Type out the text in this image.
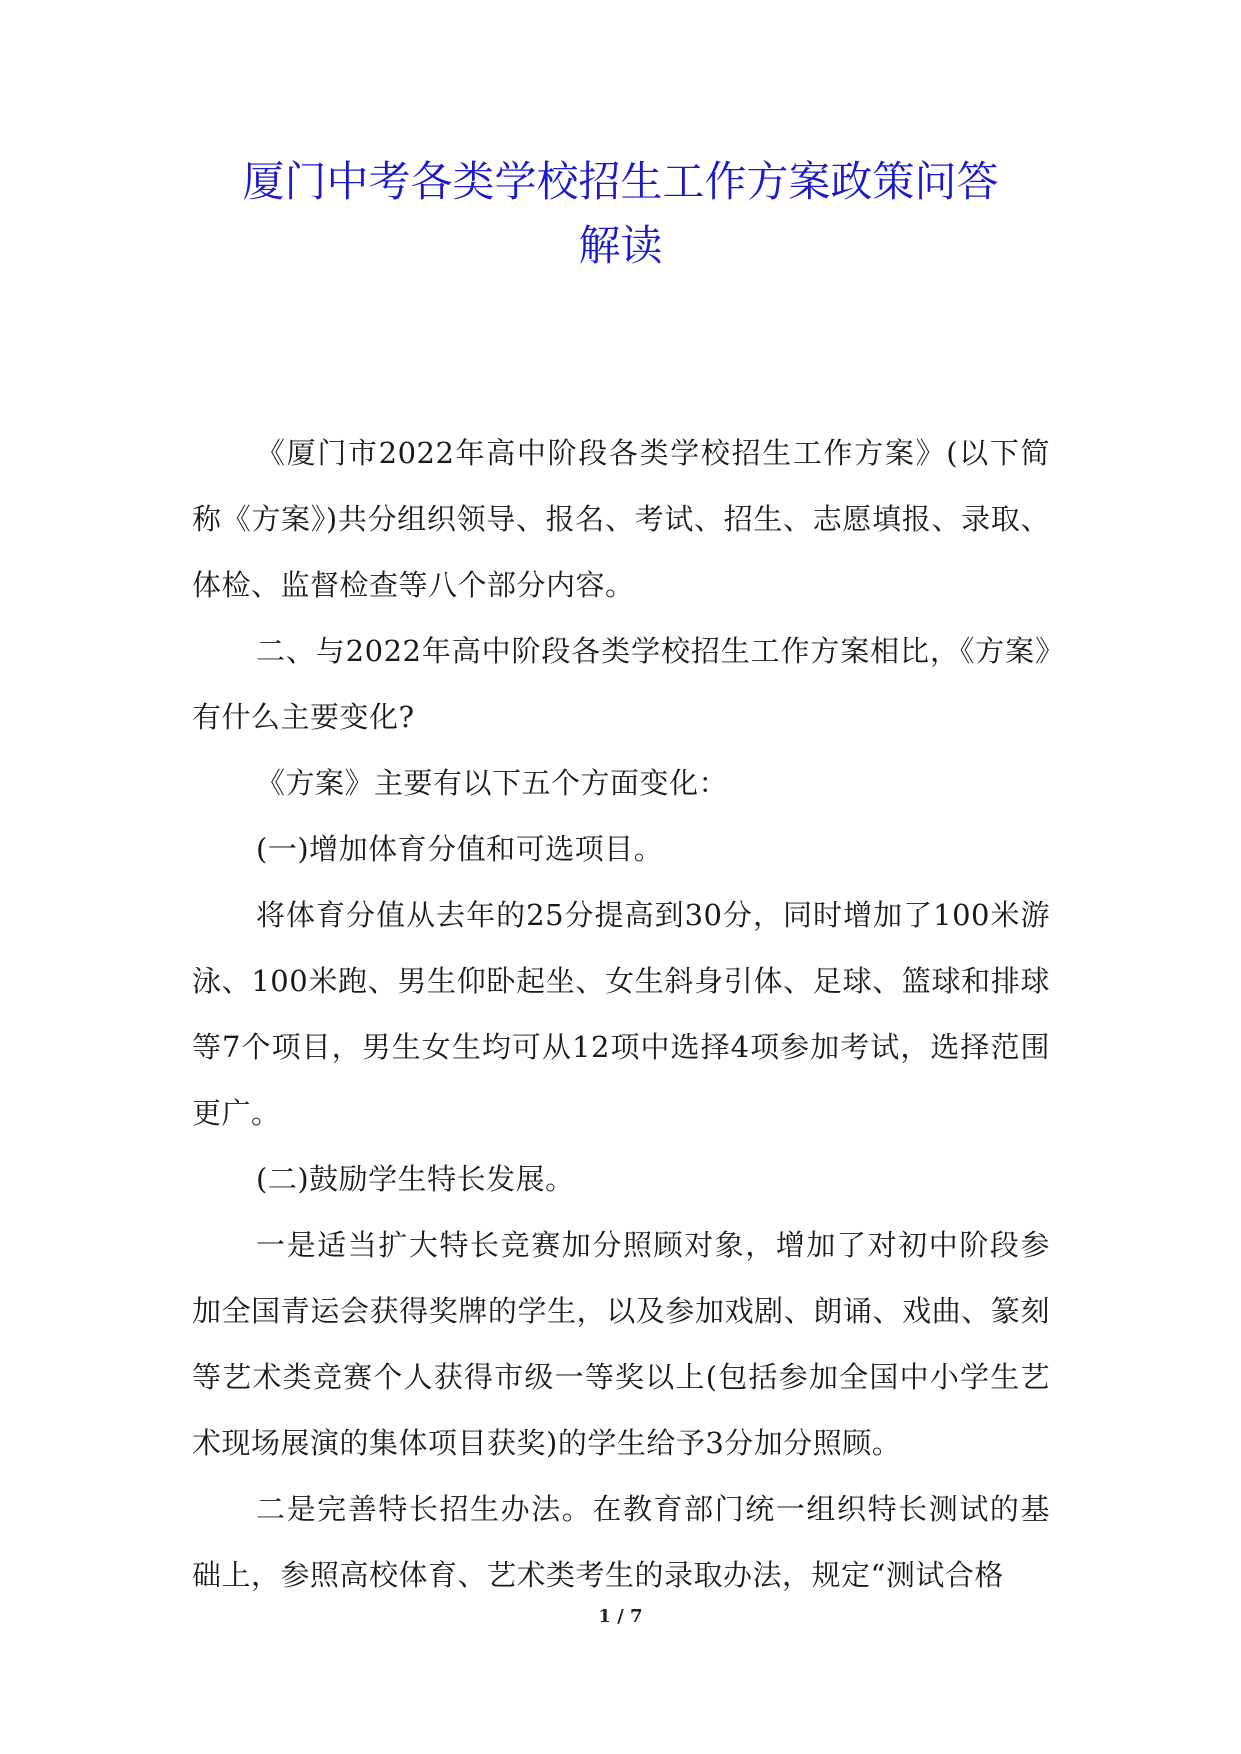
厦门中考各类学校招生工作方案政策问答
解读

《厦门市2022年高中阶段各类学校招生工作方案》(以下简称《方案》)共分组织领导、报名、考试、招生、志愿填报、录取、体检、监督检查等八个部分内容。

二、与2022年高中阶段各类学校招生工作方案相比，《方案》有什么主要变化?

《方案》主要有以下五个方面变化：

(一)增加体育分值和可选项目。

将体育分值从去年的25分提高到30分，同时增加了100米游泳、100米跑、男生仰卧起坐、女生斜身引体、足球、篮球和排球等7个项目，男生女生均可从12项中选择4项参加考试，选择范围更广。

(二)鼓励学生特长发展。

一是适当扩大特长竞赛加分照顾对象，增加了对初中阶段参加全国青运会获得奖牌的学生，以及参加戏剧、朗诵、戏曲、篆刻等艺术类竞赛个人获得市级一等奖以上(包括参加全国中小学生艺术现场展演的集体项目获奖)的学生给予3分加分照顾。

二是完善特长招生办法。在教育部门统一组织特长测试的基础上，参照高校体育、艺术类考生的录取办法，规定“测试合格

1 / 7
